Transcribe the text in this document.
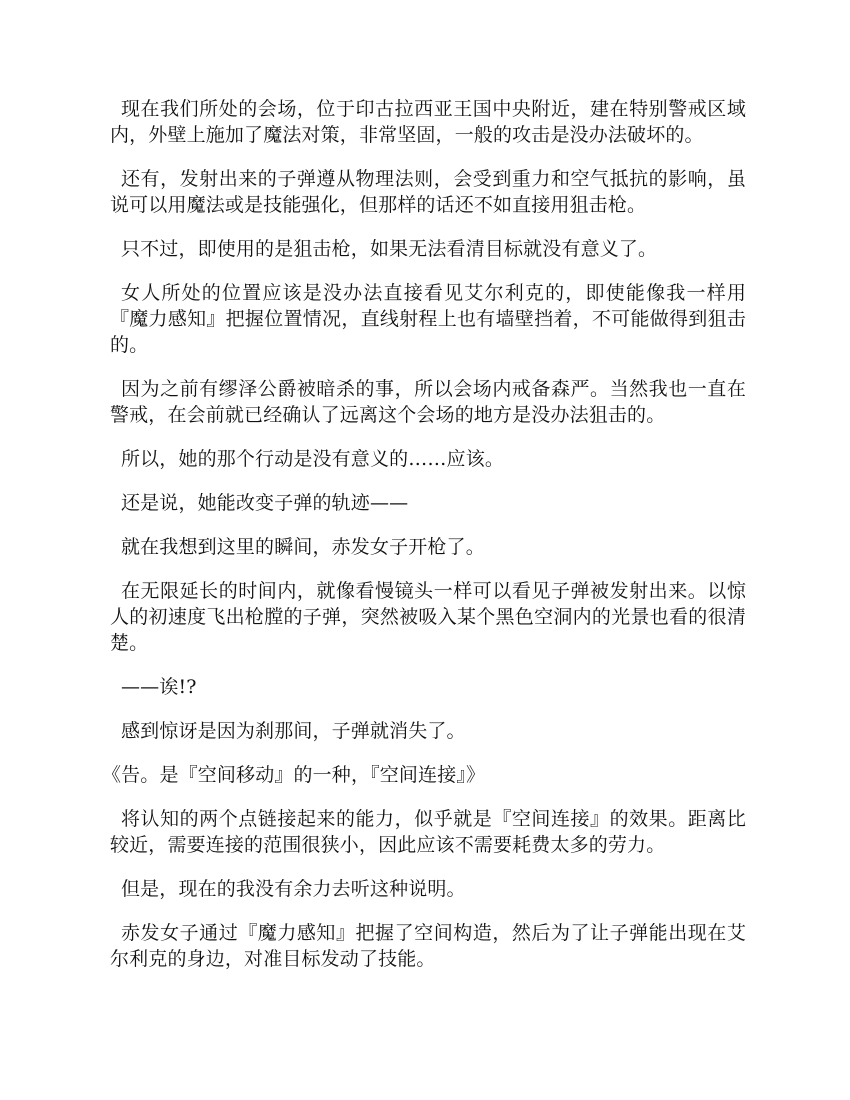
现在我们所处的会场，位于印古拉西亚王国中央附近，建在特别警戒区域内，外壁上施加了魔法对策，非常坚固，一般的攻击是没办法破坏的。

还有，发射出来的子弹遵从物理法则，会受到重力和空气抵抗的影响，虽说可以用魔法或是技能强化，但那样的话还不如直接用狙击枪。

只不过，即使用的是狙击枪，如果无法看清目标就没有意义了。

女人所处的位置应该是没办法直接看见艾尔利克的，即使能像我一样用『魔力感知』把握位置情况，直线射程上也有墙壁挡着，不可能做得到狙击的。

因为之前有缪泽公爵被暗杀的事，所以会场内戒备森严。当然我也一直在警戒，在会前就已经确认了远离这个会场的地方是没办法狙击的。

所以，她的那个行动是没有意义的……应该。

还是说，她能改变子弹的轨迹——

就在我想到这里的瞬间，赤发女子开枪了。

在无限延长的时间内，就像看慢镜头一样可以看见子弹被发射出来。以惊人的初速度飞出枪膛的子弹，突然被吸入某个黑色空洞内的光景也看的很清楚。

——诶!?

感到惊讶是因为刹那间，子弹就消失了。

《告。是『空间移动』的一种，『空间连接』》

将认知的两个点链接起来的能力，似乎就是『空间连接』的效果。距离比较近，需要连接的范围很狭小，因此应该不需要耗费太多的劳力。

但是，现在的我没有余力去听这种说明。

赤发女子通过『魔力感知』把握了空间构造，然后为了让子弹能出现在艾尔利克的身边，对准目标发动了技能。
